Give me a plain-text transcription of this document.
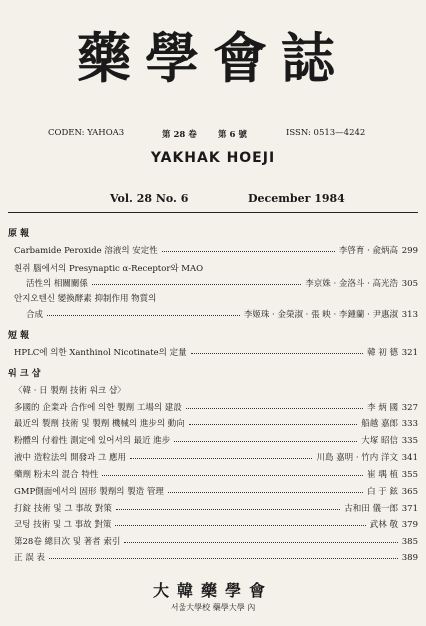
藥學會誌
CODEN: YAHOA3	第 28 卷	第 6 號	ISSN: 0513—4242
YAKHAK HOEJI
Vol. 28 No. 6	December 1984
原 報
短 報
워 크 샵
Carbamide Peroxide 溶液의 安定性	李啓育 · 兪炳高 299
흰쥐 腦에서의 Presynaptic α-Receptor와 MAO
活性의 相關關係	李京姝 · 金洛斗 · 高光浩 305
안지오텐신 變換酵素 抑制作用 物質의
合成	李姬珠 · 金榮淑 · 張 映 · 李鍾蘭 · 尹惠淑 313
HPLC에 의한 Xanthinol Nicotinate의 定量	韓 初 德 321
〈韓 · 日 製劑 技術 워크 샵〉
多國的 企業과 合作에 의한 製劑 工場의 建設	李 炳 國 327
最近의 製劑 技術 및 製劑 機械의 進步의 動向	船越 嘉郎 333
粉體의 付着性 測定에 있어서의 最近 進步	大塚 昭信 335
液中 造粒法의 開發과 그 應用	川島 嘉明 · 竹内 洋文 341
藥劑 粉末의 混合 特性	崔 堣 植 355
GMP側面에서의 固形 製劑의 製造 管理	白 于 鉉 365
打錠 技術 및 그 事故 對策	古和田 儀一郎 371
코팅 技術 및 그 事故 對策	武林 敬 379
第28卷 總目次 및 著者 索引	385
正 誤 表	389
大韓藥學會
서울大學校 藥學大學 內
